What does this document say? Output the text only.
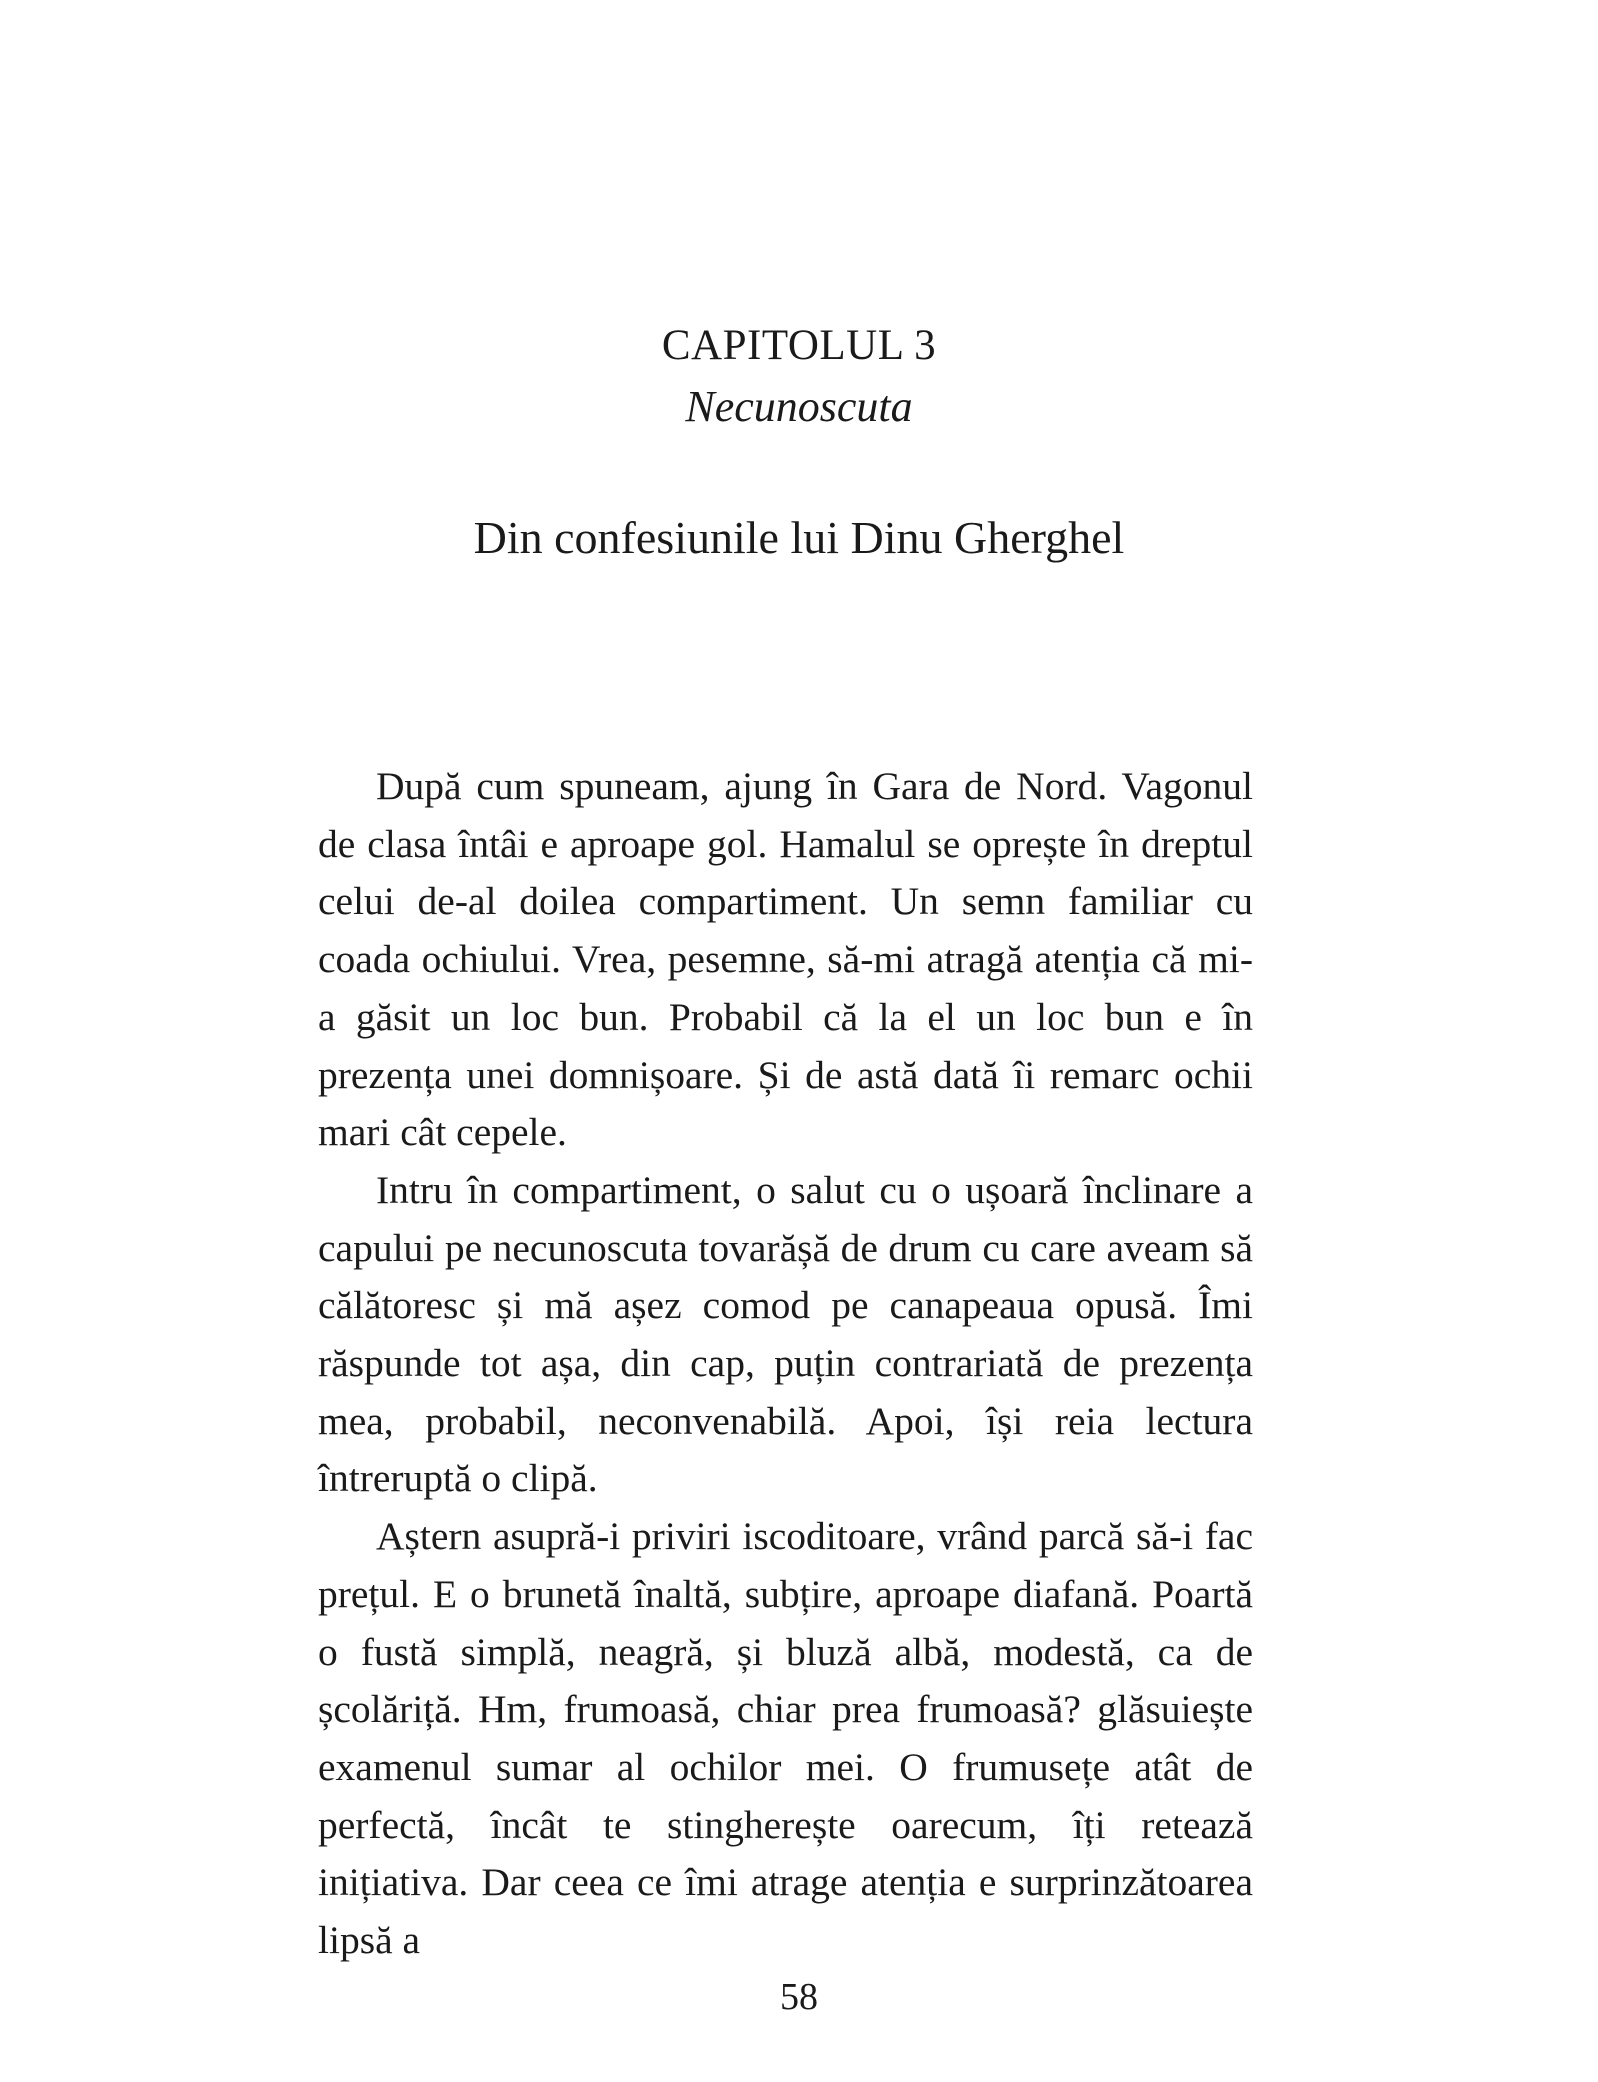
CAPITOLUL 3
Necunoscuta
Din confesiunile lui Dinu Gherghel

După cum spuneam, ajung în Gara de Nord. Vagonul de clasa întâi e aproape gol. Hamalul se oprește în dreptul celui de-al doilea compartiment. Un semn familiar cu coada ochiului. Vrea, pesemne, să-mi atragă atenția că mi-a găsit un loc bun. Probabil că la el un loc bun e în prezența unei domnișoare. Și de astă dată îi remarc ochii mari cât cepele.

Intru în compartiment, o salut cu o ușoară înclinare a capului pe necunoscuta tovarășă de drum cu care aveam să călătoresc și mă așez comod pe canapeaua opusă. Îmi răspunde tot așa, din cap, puțin contrariată de prezența mea, probabil, neconvenabilă. Apoi, își reia lectura întreruptă o clipă.

Aștern asupră-i priviri iscoditoare, vrând parcă să-i fac prețul. E o brunetă înaltă, subțire, aproape diafană. Poartă o fustă simplă, neagră, și bluză albă, modestă, ca de școlăriță. Hm, frumoasă, chiar prea frumoasă? glăsuiește examenul sumar al ochilor mei. O frumusețe atât de perfectă, încât te stingherește oarecum, îți retează inițiativa. Dar ceea ce îmi atrage atenția e surprinzătoarea lipsă a

58
